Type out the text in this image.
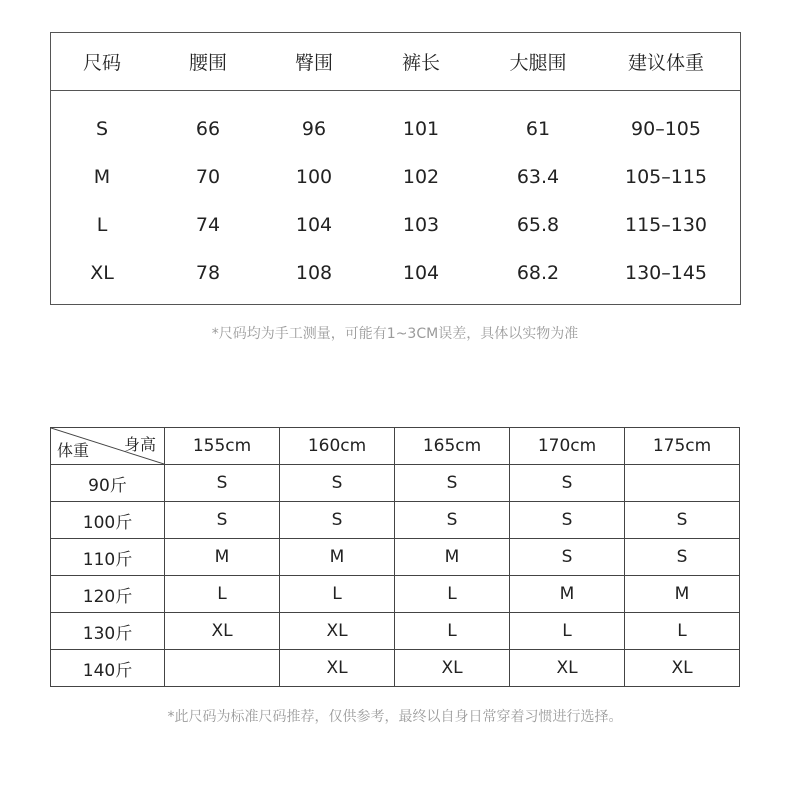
尺码	腰围	臀围	裤长	大腿围	建议体重
S	66	96	101	61	90–105
M	70	100	102	63.4	105–115
L	74	104	103	65.8	115–130
XL	78	108	104	68.2	130–145
*尺码均为手工测量，可能有1~3CM误差，具体以实物为准
身高
体重	155cm	160cm	165cm	170cm	175cm
90斤	S	S	S	S	
100斤	S	S	S	S	S
110斤	M	M	M	S	S
120斤	L	L	L	M	M
130斤	XL	XL	L	L	L
140斤		XL	XL	XL	XL
*此尺码为标准尺码推荐，仅供参考，最终以自身日常穿着习惯进行选择。
